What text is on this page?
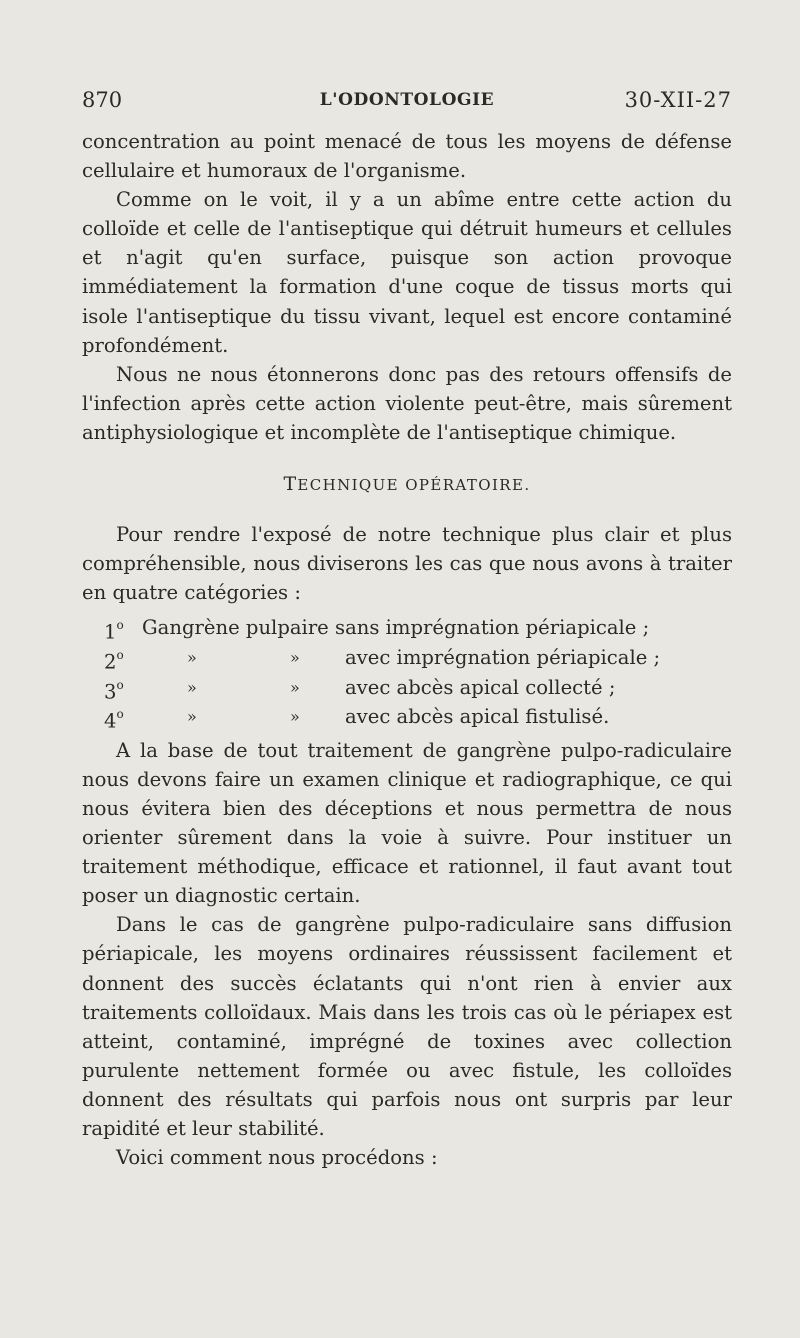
870	L'ODONTOLOGIE	30-XII-27

concentration au point menacé de tous les moyens de défense cellulaire et humoraux de l'organisme.

Comme on le voit, il y a un abîme entre cette action du colloïde et celle de l'antiseptique qui détruit humeurs et cellules et n'agit qu'en surface, puisque son action provoque immédiatement la formation d'une coque de tissus morts qui isole l'antiseptique du tissu vivant, lequel est encore contaminé profondément.

Nous ne nous étonnerons donc pas des retours offensifs de l'infection après cette action violente peut-être, mais sûrement antiphysiologique et incomplète de l'antiseptique chimique.

TECHNIQUE OPÉRATOIRE.

Pour rendre l'exposé de notre technique plus clair et plus compréhensible, nous diviserons les cas que nous avons à traiter en quatre catégories :

1$^o$ Gangrène pulpaire sans imprégnation périapicale ;
2$^o$	»	» avec imprégnation périapicale ;
3$^o$	»	» avec abcès apical collecté ;
4$^o$	»	» avec abcès apical fistulisé.

A la base de tout traitement de gangrène pulpo-radiculaire nous devons faire un examen clinique et radiographique, ce qui nous évitera bien des déceptions et nous permettra de nous orienter sûrement dans la voie à suivre. Pour instituer un traitement méthodique, efficace et rationnel, il faut avant tout poser un diagnostic certain.

Dans le cas de gangrène pulpo-radiculaire sans diffusion périapicale, les moyens ordinaires réussissent facilement et donnent des succès éclatants qui n'ont rien à envier aux traitements colloïdaux. Mais dans les trois cas où le périapex est atteint, contaminé, imprégné de toxines avec collection purulente nettement formée ou avec fistule, les colloïdes donnent des résultats qui parfois nous ont surpris par leur rapidité et leur stabilité.

Voici comment nous procédons :
